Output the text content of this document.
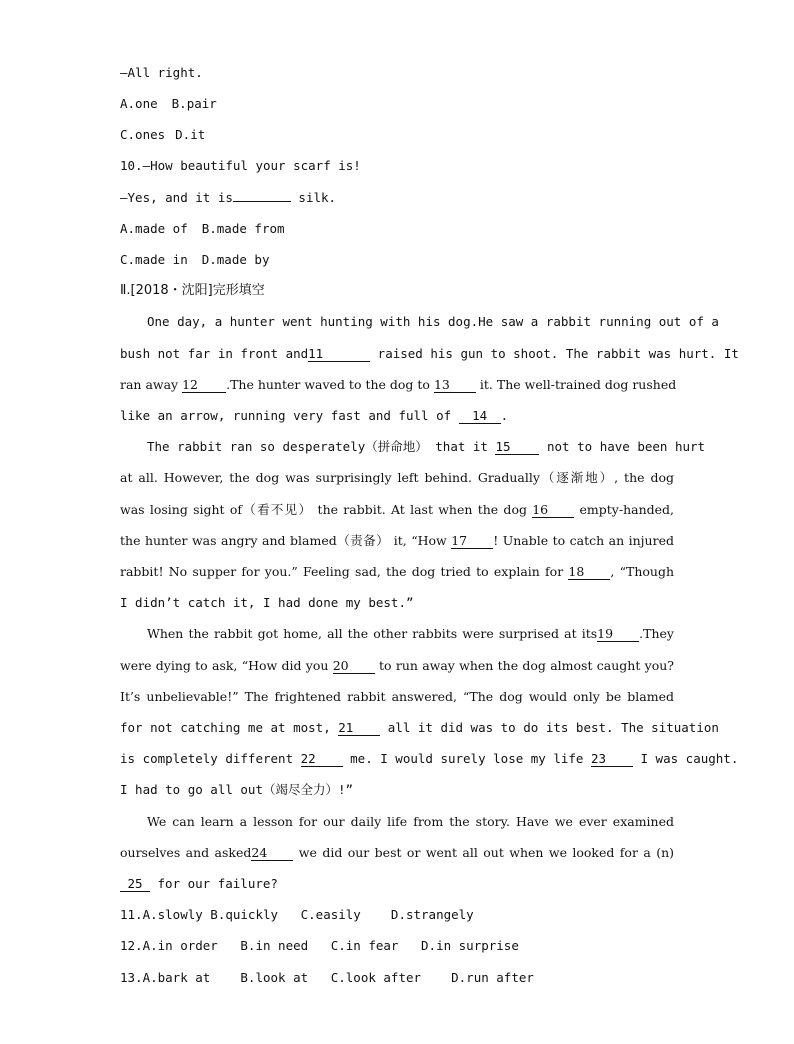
—All right.
A.one B.pair
C.ones D.it
10.—How beautiful your scarf is!
—Yes, and it is	silk.
A.made of B.made from
C.made in D.made by
Ⅱ.[2018・沈阳]完形填空
One day, a hunter went hunting with his dog.He saw a rabbit running out of a
bush not far in front and11	raised his gun to shoot. The rabbit was hurt. It
ran away 12 .The hunter waved to the dog to 13 it. The well-trained dog rushed
like an arrow, running very fast and full of 14 .
The rabbit ran so desperately（拼命地） that it 15 not to have been hurt
at all. However, the dog was surprisingly left behind. Gradually（逐渐地）, the dog
was losing sight of（看不见） the rabbit. At last when the dog 16 empty-handed,
the hunter was angry and blamed（责备） it, “How 17 ! Unable to catch an injured
rabbit! No supper for you.” Feeling sad, the dog tried to explain for 18 , “Though
I didn’t catch it, I had done my best.”
When the rabbit got home, all the other rabbits were surprised at its19 .They
were dying to ask, “How did you 20 to run away when the dog almost caught you?
It’s unbelievable!” The frightened rabbit answered, “The dog would only be blamed
for not catching me at most, 21 all it did was to do its best. The situation
is completely different 22 me. I would surely lose my life 23 I was caught.
I had to go all out（竭尽全力）!”
We can learn a lesson for our daily life from the story. Have we ever examined
ourselves and asked24 we did our best or went all out when we looked for a (n)
25 for our failure?
11.A.slowly B.quickly   C.easily    D.strangely
12.A.in order   B.in need   C.in fear   D.in surprise
13.A.bark at    B.look at   C.look after    D.run after
